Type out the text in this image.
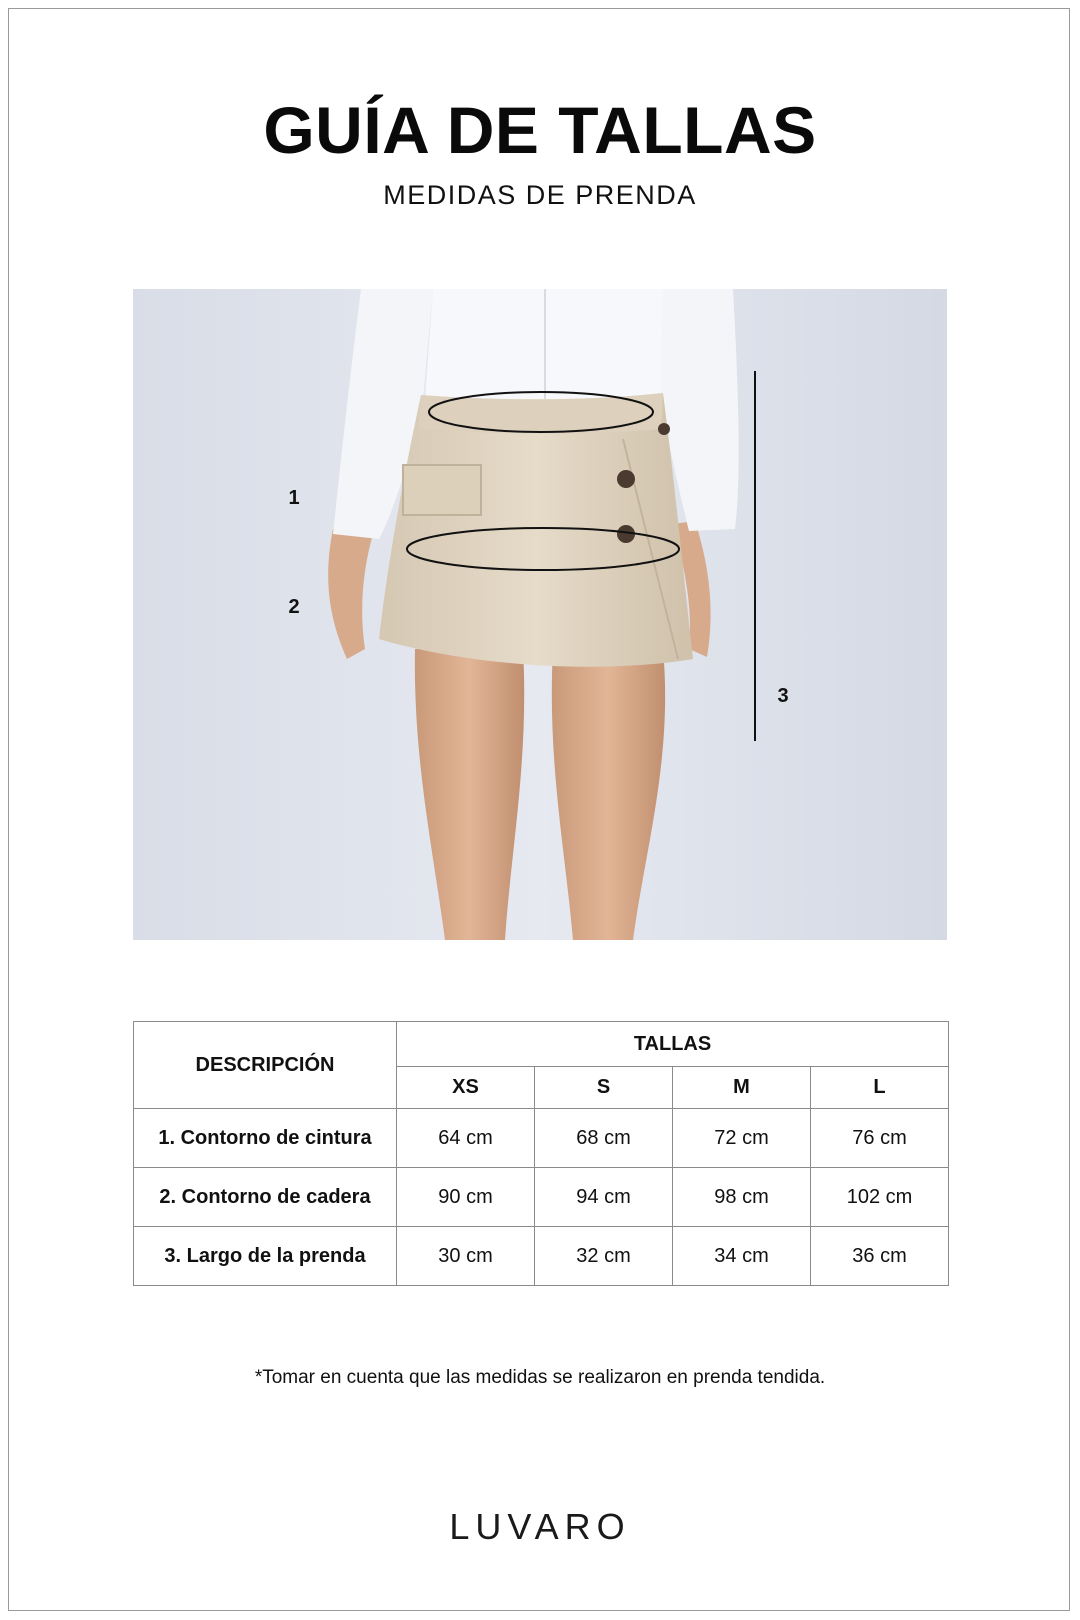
GUÍA DE TALLAS

MEDIDAS DE PRENDA

1
2
3
DESCRIPCIÓN	TALLAS			
	XS	S	M	L
1. Contorno de cintura	64 cm	68 cm	72 cm	76 cm
2. Contorno de cadera	90 cm	94 cm	98 cm	102 cm
3. Largo de la prenda	30 cm	32 cm	34 cm	36 cm

*Tomar en cuenta que las medidas se realizaron en prenda tendida.

LUVARO
